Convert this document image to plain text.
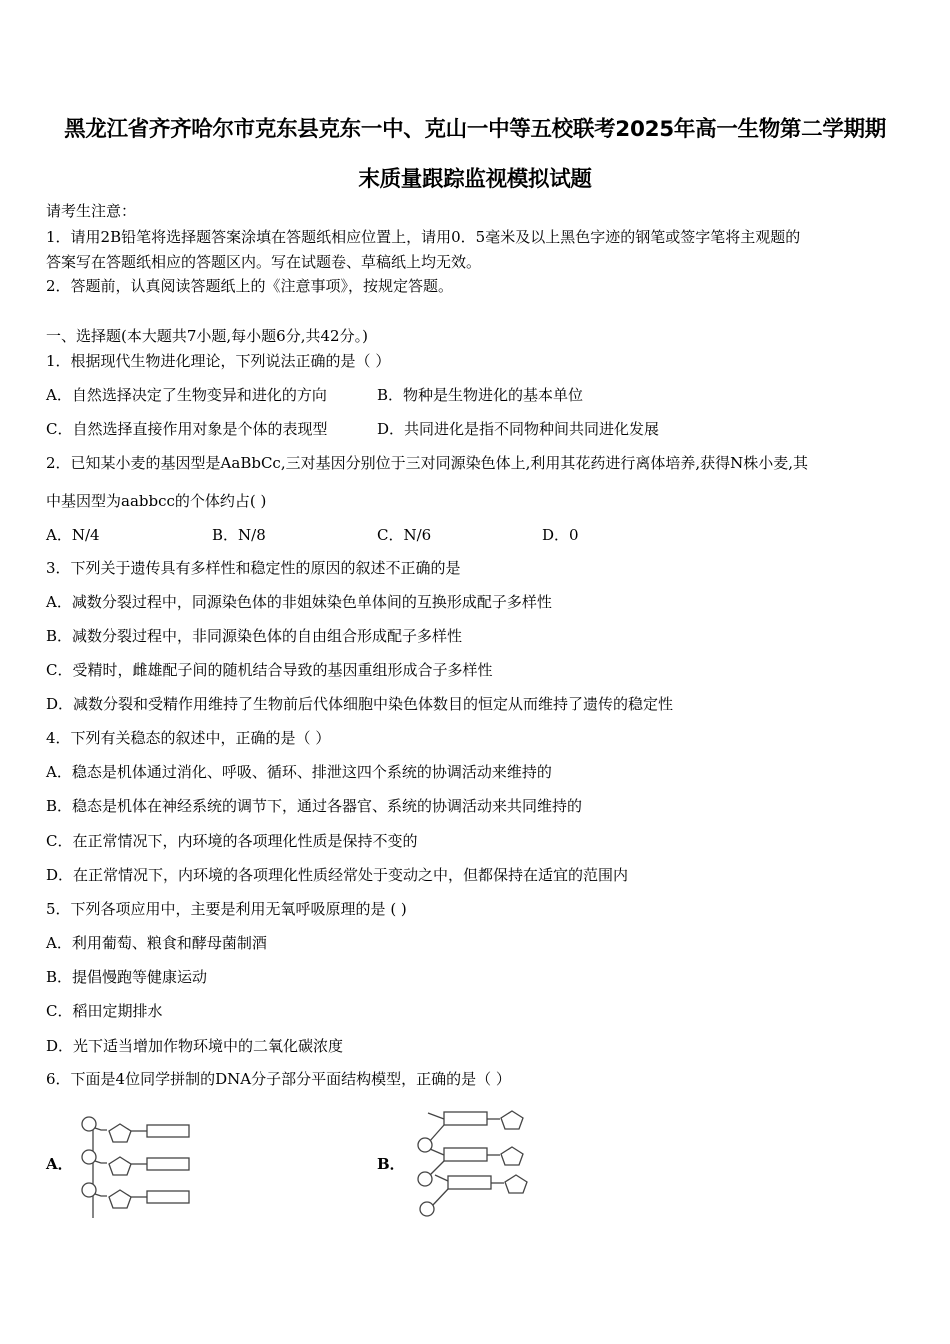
黑龙江省齐齐哈尔市克东县克东一中、克山一中等五校联考2025年高一生物第二学期期
末质量跟踪监视模拟试题
请考生注意：
1．请用2B铅笔将选择题答案涂填在答题纸相应位置上，请用0．5毫米及以上黑色字迹的钢笔或签字笔将主观题的
答案写在答题纸相应的答题区内。写在试题卷、草稿纸上均无效。
2．答题前，认真阅读答题纸上的《注意事项》，按规定答题。
一、选择题(本大题共7小题,每小题6分,共42分。)
1．根据现代生物进化理论，下列说法正确的是（ ）
A．自然选择决定了生物变异和进化的方向	B．物种是生物进化的基本单位
C．自然选择直接作用对象是个体的表现型	D．共同进化是指不同物种间共同进化发展
2．已知某小麦的基因型是AaBbCc,三对基因分别位于三对同源染色体上,利用其花药进行离体培养,获得N株小麦,其
中基因型为aabbcc的个体约占( )
A．N/4	B．N/8	C．N/6	D．0
3．下列关于遗传具有多样性和稳定性的原因的叙述不正确的是
A．减数分裂过程中，同源染色体的非姐妹染色单体间的互换形成配子多样性
B．减数分裂过程中，非同源染色体的自由组合形成配子多样性
C．受精时，雌雄配子间的随机结合导致的基因重组形成合子多样性
D．减数分裂和受精作用维持了生物前后代体细胞中染色体数目的恒定从而维持了遗传的稳定性
4．下列有关稳态的叙述中，正确的是（ ）
A．稳态是机体通过消化、呼吸、循环、排泄这四个系统的协调活动来维持的
B．稳态是机体在神经系统的调节下，通过各器官、系统的协调活动来共同维持的
C．在正常情况下，内环境的各项理化性质是保持不变的
D．在正常情况下，内环境的各项理化性质经常处于变动之中，但都保持在适宜的范围内
5．下列各项应用中，主要是利用无氧呼吸原理的是 ( )
A．利用葡萄、粮食和酵母菌制酒
B．提倡慢跑等健康运动
C．稻田定期排水
D．光下适当增加作物环境中的二氧化碳浓度
6．下面是4位同学拼制的DNA分子部分平面结构模型，正确的是（ ）
A．	B．
